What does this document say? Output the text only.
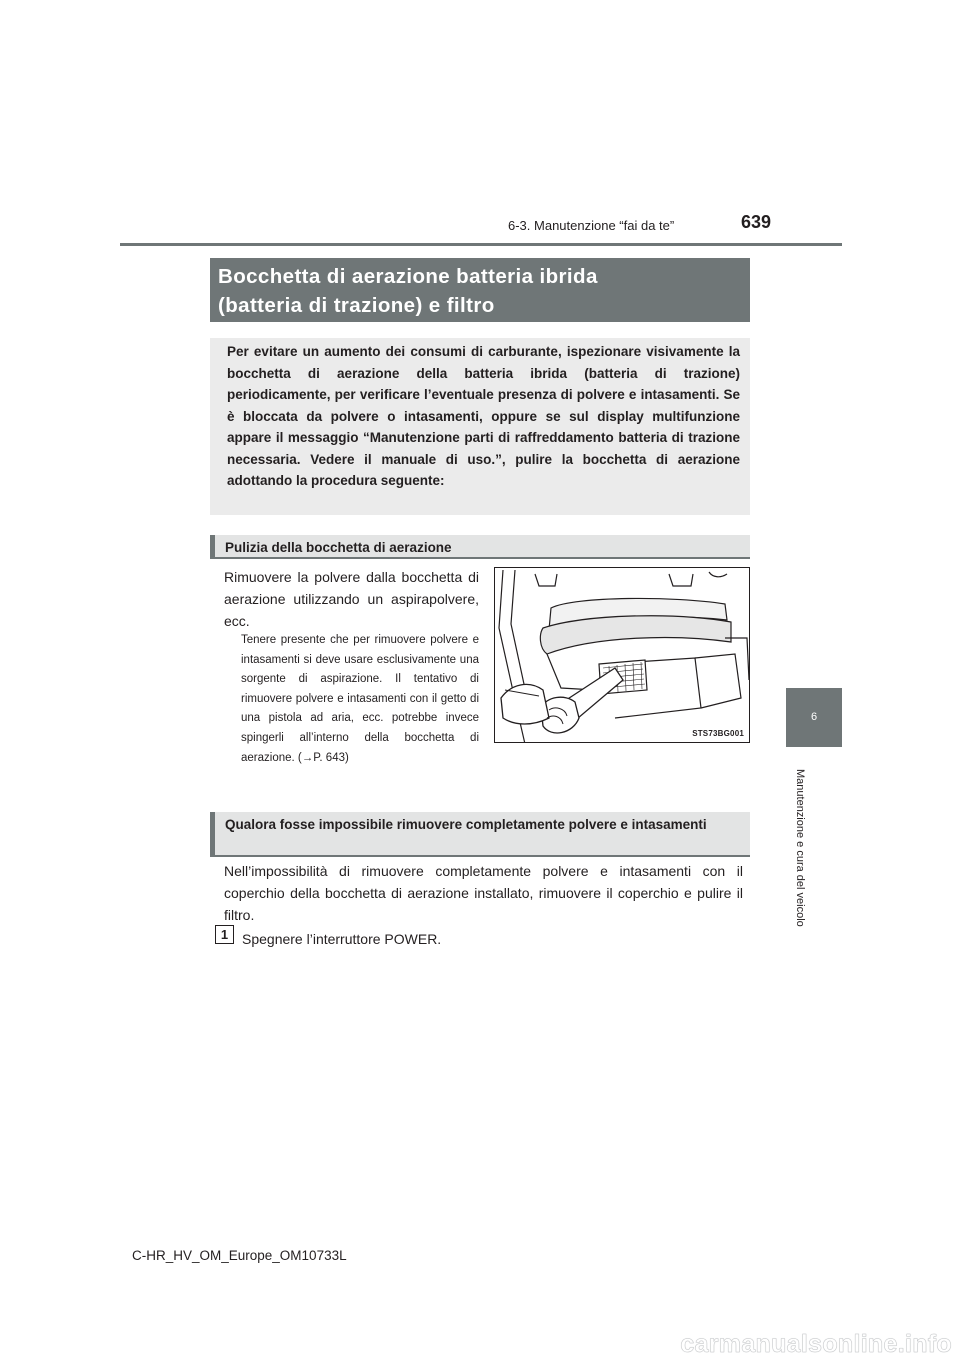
6-3. Manutenzione “fai da te”	639
Bocchetta di aerazione batteria ibrida
(batteria di trazione) e filtro
Per evitare un aumento dei consumi di carburante, ispezionare visivamente la bocchetta di aerazione della batteria ibrida (batteria di trazione) periodicamente, per verificare l’eventuale presenza di polvere e intasamenti. Se è bloccata da polvere o intasamenti, oppure se sul display multifunzione appare il messaggio “Manutenzione parti di raffreddamento batteria di trazione necessaria. Vedere il manuale di uso.”, pulire la bocchetta di aerazione adottando la procedura seguente:
Pulizia della bocchetta di aerazione
Rimuovere la polvere dalla bocchetta di aerazione utilizzando un aspirapolvere, ecc.
Tenere presente che per rimuovere polvere e intasamenti si deve usare esclusivamente una sorgente di aspirazione. Il tentativo di rimuovere polvere e intasamenti con il getto di una pistola ad aria, ecc. potrebbe invece spingerli all’interno della bocchetta di aerazione. (→P. 643)
STS73BG001
Qualora fosse impossibile rimuovere completamente polvere e intasamenti
Nell’impossibilità di rimuovere completamente polvere e intasamenti con il coperchio della bocchetta di aerazione installato, rimuovere il coperchio e pulire il filtro.
1 Spegnere l’interruttore POWER.
6
Manutenzione e cura del veicolo
C-HR_HV_OM_Europe_OM10733L
carmanualsonline.info
